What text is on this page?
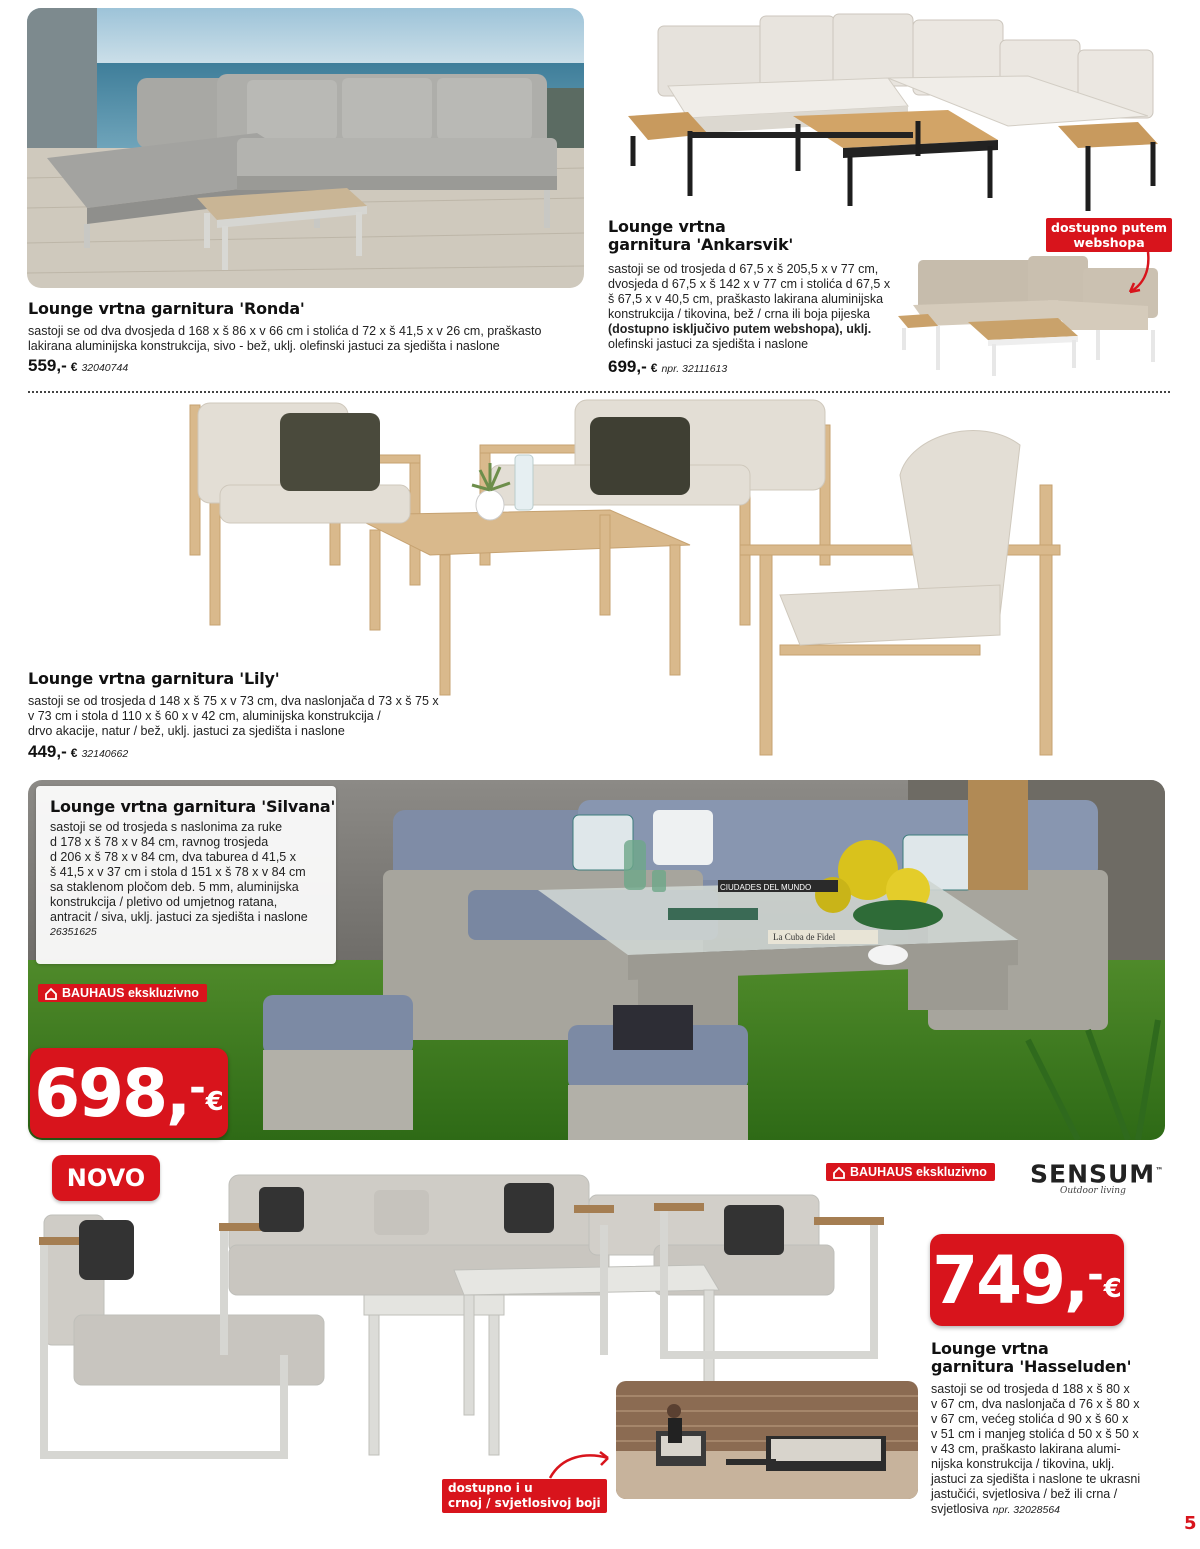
Lounge vrtna garnitura 'Ronda'
sastoji se od dva dvosjeda d 168 x š 86 x v 66 cm i stolića d 72 x š 41,5 x v 26 cm, praškasto
lakirana aluminijska konstrukcija, sivo - bež, uklj. olefinski jastuci za sjedišta i naslone
559,- € 32040744
dostupno putem
webshopa
Lounge vrtna
garnitura 'Ankarsvik'
sastoji se od trosjeda d 67,5 x š 205,5 x v 77 cm,
dvosjeda d 67,5 x š 142 x v 77 cm i stolića d 67,5 x
š 67,5 x v 40,5 cm, praškasto lakirana aluminijska
konstrukcija / tikovina, bež / crna ili boja pijeska
(dostupno isključivo putem webshopa), uklj.
olefinski jastuci za sjedišta i naslone
699,- € npr. 32111613
Lounge vrtna garnitura 'Lily'
sastoji se od trosjeda d 148 x š 75 x v 73 cm, dva naslonjača d 73 x š 75 x
v 73 cm i stola d 110 x š 60 x v 42 cm, aluminijska konstrukcija /
drvo akacije, natur / bež, uklj. jastuci za sjedišta i naslone
449,- € 32140662
CIUDADES DEL MUNDO
La Cuba de Fidel
Lounge vrtna garnitura 'Silvana'
sastoji se od trosjeda s naslonima za ruke
d 178 x š 78 x v 84 cm, ravnog trosjeda
d 206 x š 78 x v 84 cm, dva taburea d 41,5 x
š 41,5 x v 37 cm i stola d 151 x š 78 x v 84 cm
sa staklenom pločom deb. 5 mm, aluminijska
konstrukcija / pletivo od umjetnog ratana,
antracit / siva, uklj. jastuci za sjedišta i naslone
26351625
BAUHAUS ekskluzivno
698, - €
NOVO	BAUHAUS ekskluzivno SENSUM™
Outdoor living
dostupno i u
crnoj / svjetlosivoj boji
749, - €
Lounge vrtna
garnitura 'Hasseluden'
sastoji se od trosjeda d 188 x š 80 x
v 67 cm, dva naslonjača d 76 x š 80 x
v 67 cm, većeg stolića d 90 x š 60 x
v 51 cm i manjeg stolića d 50 x š 50 x
v 43 cm, praškasto lakirana alumi-
nijska konstrukcija / tikovina, uklj.
jastuci za sjedišta i naslone te ukrasni
jastučići, svjetlosiva / bež ili crna /
svjetlosiva npr. 32028564
5
